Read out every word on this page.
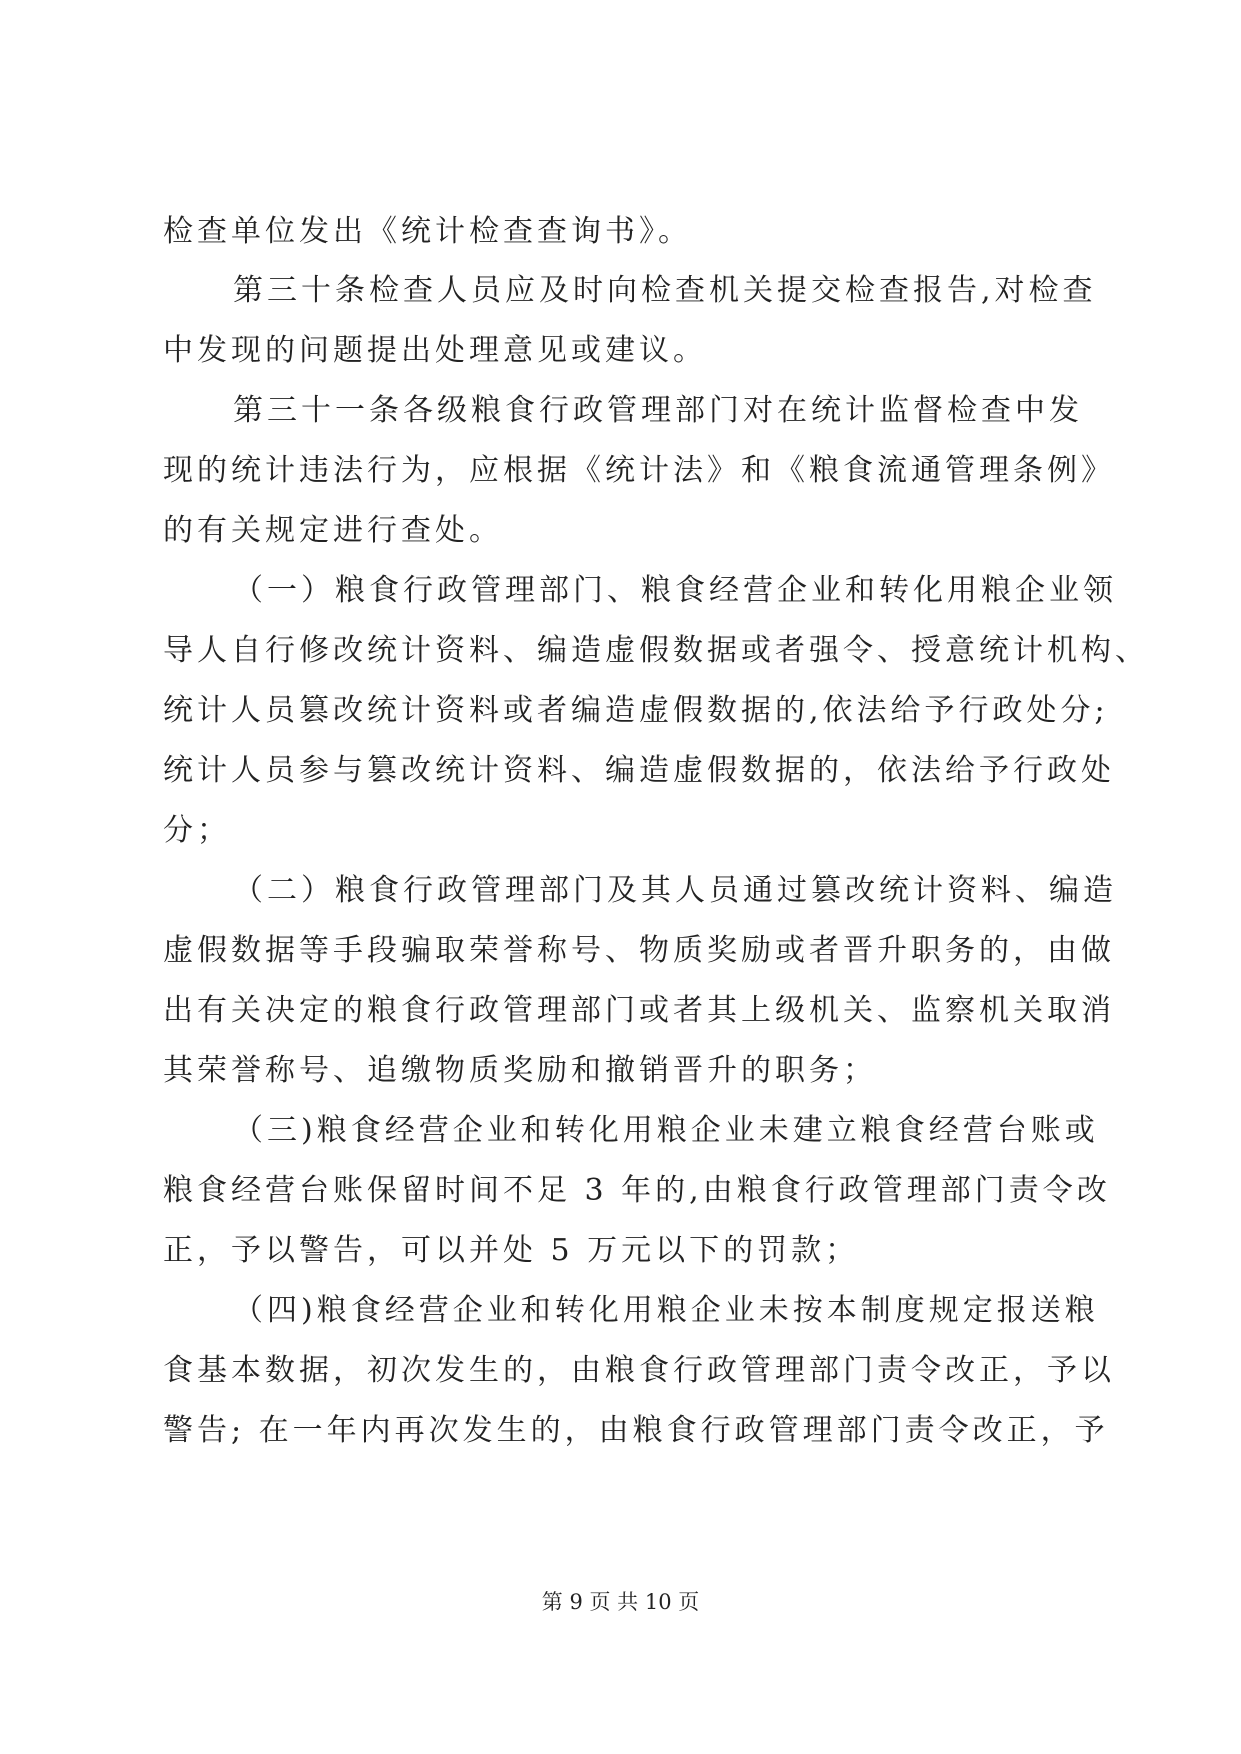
检查单位发出《统计检查查询书》。
第三十条检查人员应及时向检查机关提交检查报告,对检查
中发现的问题提出处理意见或建议。
第三十一条各级粮食行政管理部门对在统计监督检查中发
现的统计违法行为，应根据《统计法》和《粮食流通管理条例》
的有关规定进行查处。
（一）粮食行政管理部门、粮食经营企业和转化用粮企业领
导人自行修改统计资料、编造虚假数据或者强令、授意统计机构、
统计人员篡改统计资料或者编造虚假数据的,依法给予行政处分;
统计人员参与篡改统计资料、编造虚假数据的，依法给予行政处
分；
（二）粮食行政管理部门及其人员通过篡改统计资料、编造
虚假数据等手段骗取荣誉称号、物质奖励或者晋升职务的，由做
出有关决定的粮食行政管理部门或者其上级机关、监察机关取消
其荣誉称号、追缴物质奖励和撤销晋升的职务；
（三)粮食经营企业和转化用粮企业未建立粮食经营台账或
粮食经营台账保留时间不足 3 年的,由粮食行政管理部门责令改
正，予以警告，可以并处 5 万元以下的罚款；
（四)粮食经营企业和转化用粮企业未按本制度规定报送粮
食基本数据，初次发生的，由粮食行政管理部门责令改正，予以
警告; 在一年内再次发生的，由粮食行政管理部门责令改正，予
第 9 页 共 10 页
